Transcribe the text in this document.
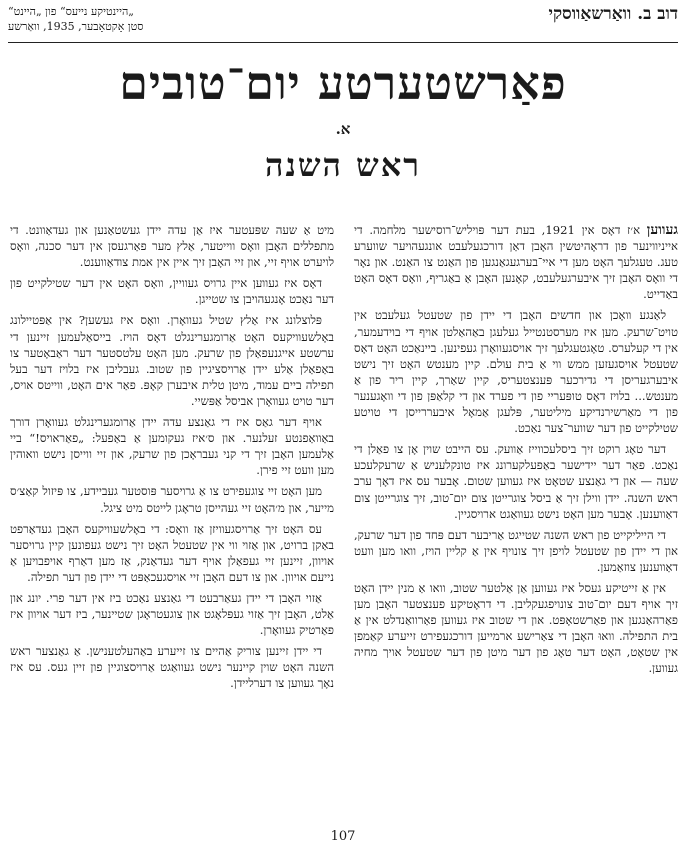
דוב ב. וואַרשאַווסקי
„היינטיקע נייעס“ פון „היינט“
סטן אָקטאָבער, 1935, וואַרשע
פאַרשטערטע יום־טובים
א.
ראש השנה

געווען א׳ז דאָס אין 1921, בעת דער פּויליש־רוסישער מלחמה. די אייניווינער פון דראָהיטשין האָבן דאַן דורכגעלעבט אונגעהויער שווערע טעג. טעגלעך האָט מען די איי־בערגעגאַנגען פון האַנט צו האַנט. און נאָר די וואָס האָבן זיך איבערגעלעבט, קאָנען האָבן אַ באַגריף, וואָס דאָס האָט באַדייט.

לאַנגע וואָכן און חדשים האָבן די יידן פון שטעטל געלעבט אין טויט־שרעק. מען איז מערסטנטייל געלעגן באַהאַלטן אויף די בוידעמער, אין די קעלערס. טאָגטעגלעך זיך אויסגעוואָרן געפינען. ביינאַכט האָט דאָס שטעטל אויסגעזען ממש ווי אַ בית עולם. קיין מענטש האָט זיך נישט איבערגעריסן די גדירכער פּענצטעריס, קיין שאַרך, קיין ריר פון אַ מענטש... בלויז דאָס טופּעריי פון די פערד און די קלאַפּן פון די וואָגענער פון די מאַרשירנדיקע מיליטער, פּלעגן אַמאָל איבעררייסן די טויטע שטילקייט פון דער שווער־צער נאַכט.

דער טאָג רוקט זיך ביסלעכווייז אַוועק. עס הייבט שוין אָן צו פאַלן די נאַכט. פאַר דער יידישער באַפעלקערונג איז טונקלעניש אַ שרעקלעכע שעה — און די גאַנצע שטאָט איז געווען שטום. אָבער עס איז דאָך ערב ראש השנה. יידן ווילן זיך אַ ביסל צוגרייטן צום יום־טוב, זיך צוגרייטן צום דאַווענען. אָבער מען האָט נישט געוואַגט ארויסגיין.

די הייליקייט פון ראש השנה שטייגט אַריבער דעם פּחד פון דער שרעק, און די יידן פון שטעטל לויפן זיך צונויף אין אַ קליין הויז, וואו מען וועט דאַווענען צוזאַמען.

אין אַ זייטיקע געסל איז געווען אַן אַלטער שטוב, וואו אַ מנין יידן האָט זיך אויף דעם יום־טוב צונויפגעקליבן. די דראָטיקע פענצטער האָבן מען פאַרהאַנגען און פאַרשטאָפּט. און די שטוב איז געווען פאַרוואַנדלט אין אַ בית התפילה. וואוּ האָבן די צאַרישע ארמייען דורכגעפירט זייערע קאַמפן אין שטאָט, האָט דער טאָג פון דער מיטן פון דער שטעטל אויך מחיה געווען.

מיט אַ שעה שפּעטער איז אַן עדה יידן געשטאַנען און געדאַוונט. די מתפללים האָבן וואָס ווייטער, אַלץ מער פאַרגעסן אין דער סכנה, וואָס לויערט אויף זיי, און זיי האָבן זיך איין אין אמת צודאַווענט.

דאָס איז געווען איין גרויס געוויין, וואָס האָט אין דער שטילקייט פון דער נאַכט אָנגעהויבן צו שטייגן.

פּלוצלונג איז אַלץ שטיל געוואָרן. וואָס איז געשען? אין אַפּטיילונג באָלשעוויקעס האָט אַרומגערינגלט דאָס הויז. בייסאַלעמען זיינען די ערשטע אייגנעפאַלן פון שרעק. מען האָט עלטסטער דער ראַבאָטער צו באַפאַלן אַלע יידן אַרויסציגיין פון שטוב. געבליבן איז בלויז דער בעל תפילה ביים עמוד, מיטן טלית איבערן קאָפּ. פאַר אים האָט, ווייטס אויס, דער טויט געוואָרן אביסל אַפּשיי.

אויף דער גאַס איז די גאַנצע עדה יידן אַרומגערינגלט געוואָרן דורך באַוואַפנטע זעלנער. און ס׳איז געקומען אַ באַפעל: „פאַראויס!“ ביי אַלעמען האָבן זיך די קני געבראָכן פון שרעק, און זיי ווייסן נישט וואוהין מען וועט זיי פירן.

מען האָט זיי צוגעפירט צו אַ גרויסער פּוסטער געביידע, צו פּיזול קאַצ׳ס מייער, און מ׳האָט זיי געהייסן טראָגן לייטס מיט ציגל.

עס האָט זיך אַרויסגעוויזן אַז וואָס: די באָלשעוויקעס האָבן געדאַרפט באַקן ברויט, און אַזוי ווי אין שטעטל האָט זיך נישט געפונען קיין גרויסער אויוון, זיינען זיי געפאַלן אויף דער געדאַנק, אַז מען דאַרף אויפבויען אַ נייעם אויוון. און צו דעם האָבן זיי אויסגעכאַפּט די יידן פון דער תפילה.

אַזוי האָבן די יידן געאַרבעט די גאַנצע נאַכט ביז אין דער פרי. יונג און אַלט, האָבן זיך אַזוי געפּלאָגט און צוגעטראָגן שטיינער, ביז דער אויוון איז פאַרטיק געוואָרן.

די יידן זיינען צוריק אַהיים צו זייערע באַהעלטענישן. אַ גאַנצער ראש השנה האָט שוין קיינער נישט געוואַגט אַרויסצוגיין פון זיין געס. עס איז נאָך געווען צו דערליידן.

107
